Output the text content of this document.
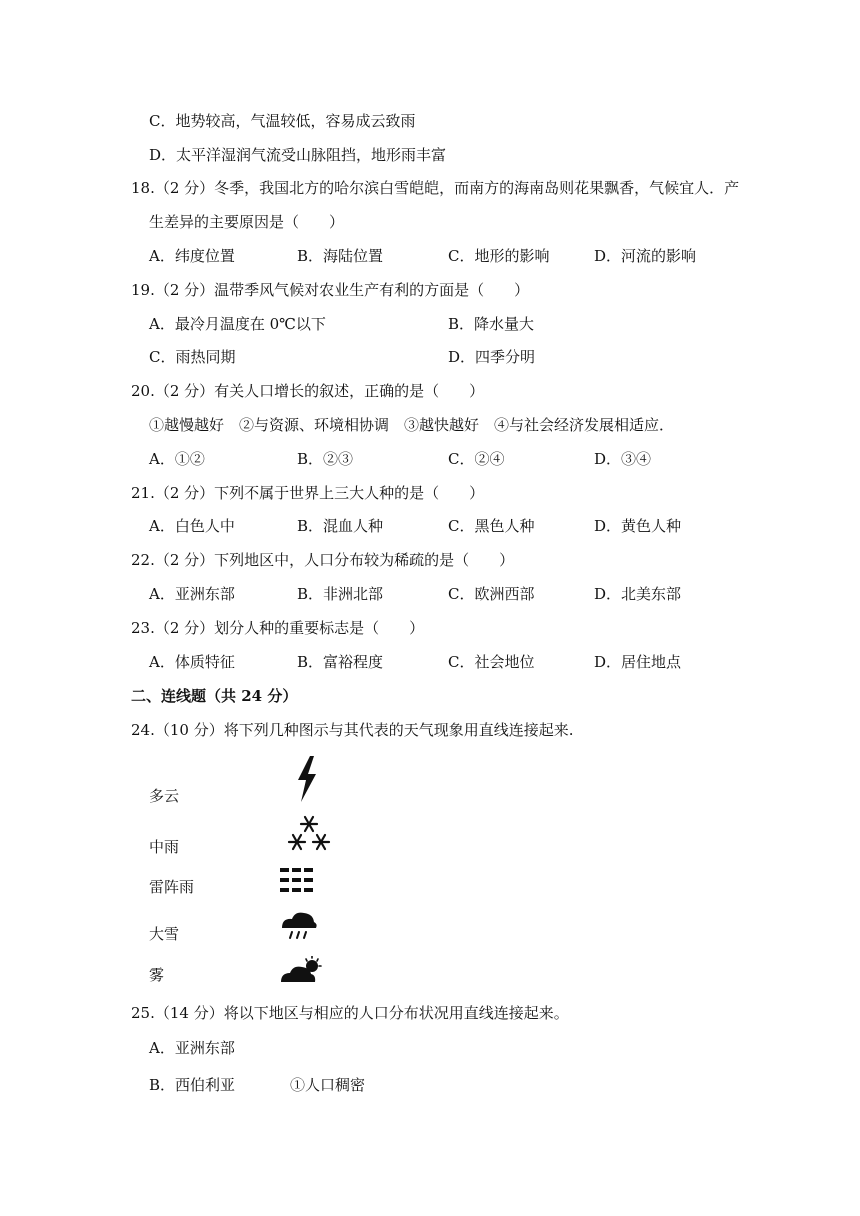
C．地势较高，气温较低，容易成云致雨
D．太平洋湿润气流受山脉阻挡，地形雨丰富
18.（2 分）冬季，我国北方的哈尔滨白雪皑皑，而南方的海南岛则花果飘香，气候宜人．产
生差异的主要原因是（　　）
A．纬度位置	B．海陆位置	C．地形的影响	D．河流的影响
19.（2 分）温带季风气候对农业生产有利的方面是（　　）
A．最冷月温度在 0℃以下	B．降水量大
C．雨热同期	D．四季分明
20.（2 分）有关人口增长的叙述，正确的是（　　）
①越慢越好　②与资源、环境相协调　③越快越好　④与社会经济发展相适应．
A．①②	B．②③	C．②④	D．③④
21.（2 分）下列不属于世界上三大人种的是（　　）
A．白色人中	B．混血人种	C．黑色人种	D．黄色人种
22.（2 分）下列地区中，人口分布较为稀疏的是（　　）
A．亚洲东部	B．非洲北部	C．欧洲西部	D．北美东部
23.（2 分）划分人种的重要标志是（　　）
A．体质特征	B．富裕程度	C．社会地位	D．居住地点
二、连线题（共 24 分）
24.（10 分）将下列几种图示与其代表的天气现象用直线连接起来.
多云
中雨
雷阵雨
大雪
雾
25.（14 分）将以下地区与相应的人口分布状况用直线连接起来。
A．亚洲东部
B．西伯利亚	①人口稠密
